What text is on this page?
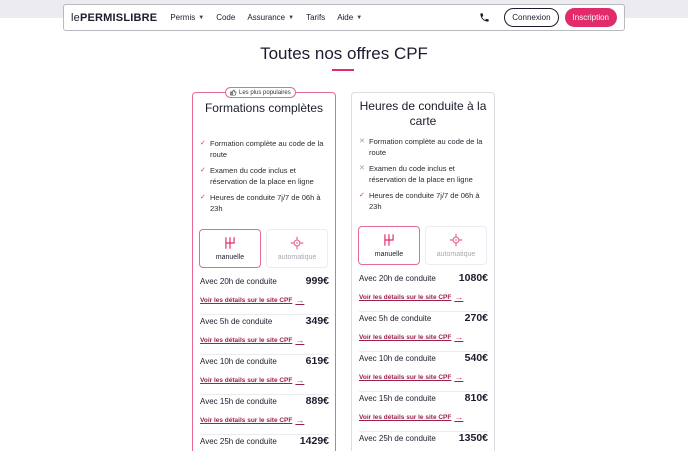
lePERMISLIBRE Permis ▼ Code Assurance ▼ Tarifs Aide ▼	Connexion	Inscription
Toutes nos offres CPF
Les plus populaires
Formations complètes
✓ Formation complète au code de la route
✓ Examen du code inclus et réservation de la place en ligne
✓ Heures de conduite 7j/7 de 06h à 23h
manuelle	automatique
Avec 20h de conduite	999€
Voir les détails sur le site CPF →
Avec 5h de conduite	349€
Voir les détails sur le site CPF →
Avec 10h de conduite	619€
Voir les détails sur le site CPF →
Avec 15h de conduite	889€
Voir les détails sur le site CPF →
Avec 25h de conduite 1429€
Heures de conduite à la carte
✕ Formation complète au code de la route
✕ Examen du code inclus et réservation de la place en ligne
✓ Heures de conduite 7j/7 de 06h à 23h
manuelle	automatique
Avec 20h de conduite 1080€
Voir les détails sur le site CPF →
Avec 5h de conduite	270€
Voir les détails sur le site CPF →
Avec 10h de conduite	540€
Voir les détails sur le site CPF →
Avec 15h de conduite	810€
Voir les détails sur le site CPF →
Avec 25h de conduite 1350€
